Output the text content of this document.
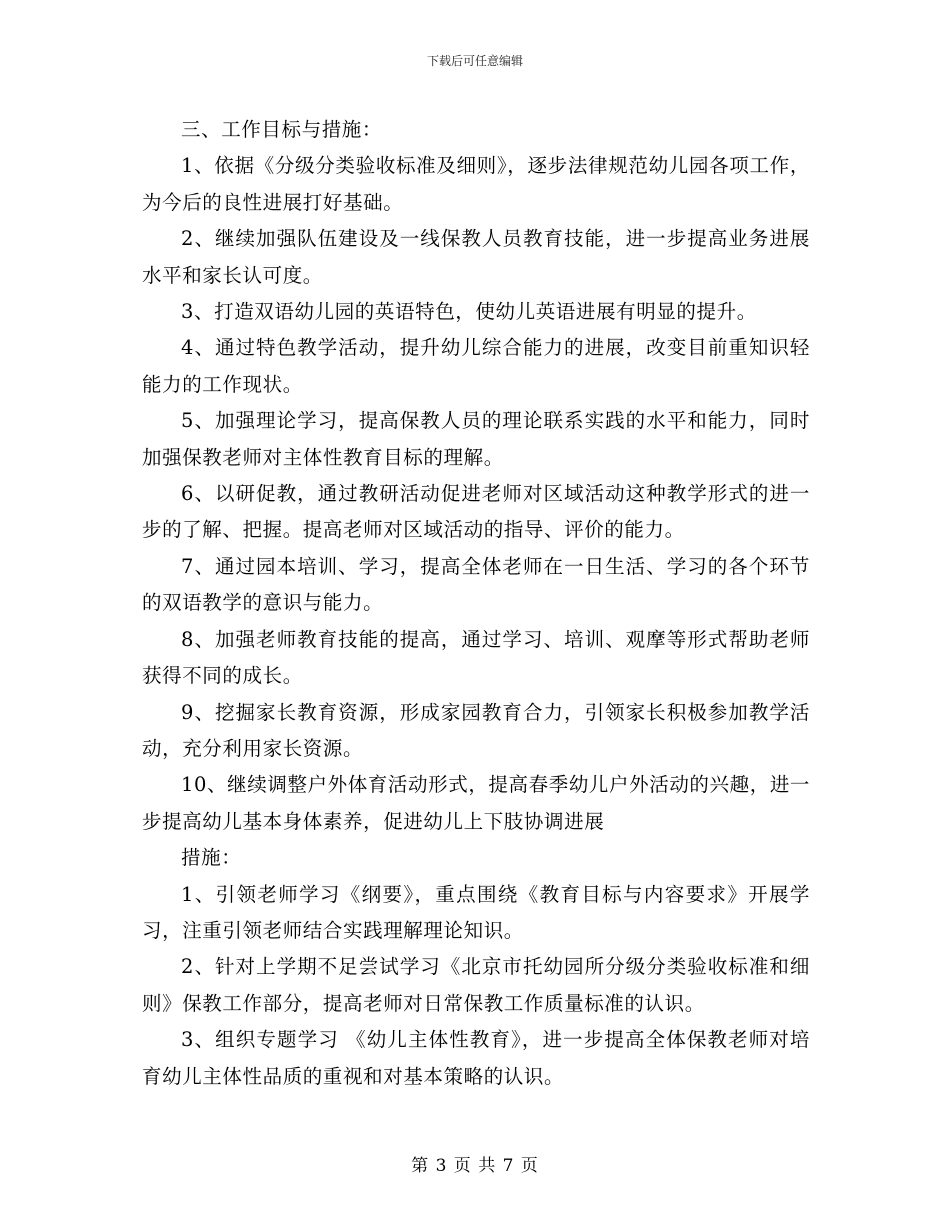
下载后可任意编辑

三、工作目标与措施：

1、依据《分级分类验收标准及细则》，逐步法律规范幼儿园各项工作，为今后的良性进展打好基础。

2、继续加强队伍建设及一线保教人员教育技能，进一步提高业务进展水平和家长认可度。

3、打造双语幼儿园的英语特色，使幼儿英语进展有明显的提升。

4、通过特色教学活动，提升幼儿综合能力的进展，改变目前重知识轻能力的工作现状。

5、加强理论学习，提高保教人员的理论联系实践的水平和能力，同时加强保教老师对主体性教育目标的理解。

6、以研促教，通过教研活动促进老师对区域活动这种教学形式的进一步的了解、把握。提高老师对区域活动的指导、评价的能力。

7、通过园本培训、学习，提高全体老师在一日生活、学习的各个环节的双语教学的意识与能力。

8、加强老师教育技能的提高，通过学习、培训、观摩等形式帮助老师获得不同的成长。

9、挖掘家长教育资源，形成家园教育合力，引领家长积极参加教学活动，充分利用家长资源。

10、继续调整户外体育活动形式，提高春季幼儿户外活动的兴趣，进一步提高幼儿基本身体素养，促进幼儿上下肢协调进展

措施：

1、引领老师学习《纲要》，重点围绕《教育目标与内容要求》开展学习，注重引领老师结合实践理解理论知识。

2、针对上学期不足尝试学习《北京市托幼园所分级分类验收标准和细则》保教工作部分，提高老师对日常保教工作质量标准的认识。

3、组织专题学习 《幼儿主体性教育》，进一步提高全体保教老师对培育幼儿主体性品质的重视和对基本策略的认识。

第 3 页 共 7 页
